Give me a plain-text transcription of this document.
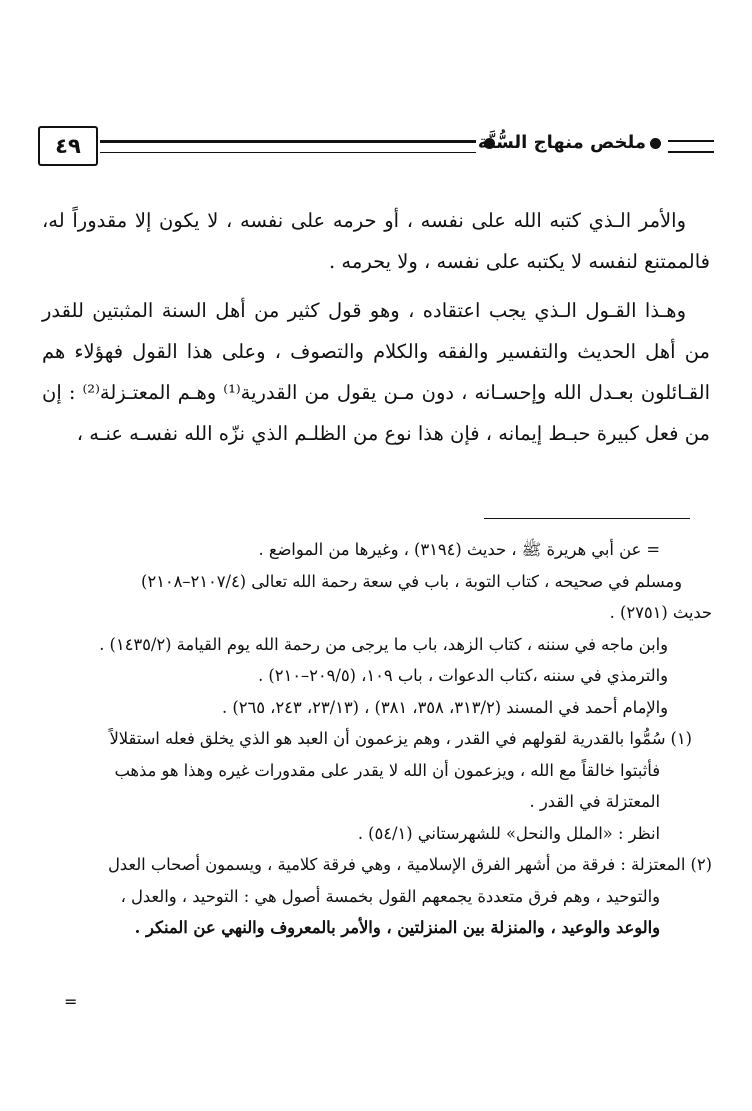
٤٩	ملخص منهاج السُّنَّة

والأمر الـذي كتبه الله على نفسه ، أو حرمه على نفسه ، لا يكون إلا مقدوراً له، فالممتنع لنفسه لا يكتبه على نفسه ، ولا يحرمه .

وهـذا القـول الـذي يجب اعتقاده ، وهو قول كثير من أهل السنة المثبتين للقدر من أهل الحديث والتفسير والفقه والكلام والتصوف ، وعلى هذا القول فهؤلاء هم القـائلون بعـدل الله وإحسـانه ، دون مـن يقول من القدرية⁽¹⁾ وهـم المعتـزلة⁽²⁾ : إن من فعل كبيرة حبـط إيمانه ، فإن هذا نوع من الظلـم الذي نزّه الله نفسـه عنـه ،

= عن أبي هريرة ﷺ ، حديث (٣١٩٤) ، وغيرها من المواضع .

ومسلم في صحيحه ، كتاب التوبة ، باب في سعة رحمة الله تعالى (٢١٠٧/٤–٢١٠٨)

حديث (٢٧٥١) .

وابن ماجه في سننه ، كتاب الزهد، باب ما يرجى من رحمة الله يوم القيامة (١٤٣٥/٢) .

والترمذي في سننه ،كتاب الدعوات ، باب ١٠٩، (٢٠٩/٥–٢١٠) .

والإمام أحمد في المسند (٣١٣/٢، ٣٥٨، ٣٨١) ، (٢٣/١٣، ٢٤٣، ٢٦٥) .

(١) سُمُّوا بالقدرية لقولهم في القدر ، وهم يزعمون أن العبد هو الذي يخلق فعله استقلالاً

فأثبتوا خالقاً مع الله ، ويزعمون أن الله لا يقدر على مقدورات غيره وهذا هو مذهب

المعتزلة في القدر .

انظر : «الملل والنحل» للشهرستاني (٥٤/١) .

(٢) المعتزلة : فرقة من أشهر الفرق الإسلامية ، وهي فرقة كلامية ، ويسمون أصحاب العدل

والتوحيد ، وهم فرق متعددة يجمعهم القول بخمسة أصول هي : التوحيد ، والعدل ،

والوعد والوعيد ، والمنزلة بين المنزلتين ، والأمر بالمعروف والنهي عن المنكر .

=
